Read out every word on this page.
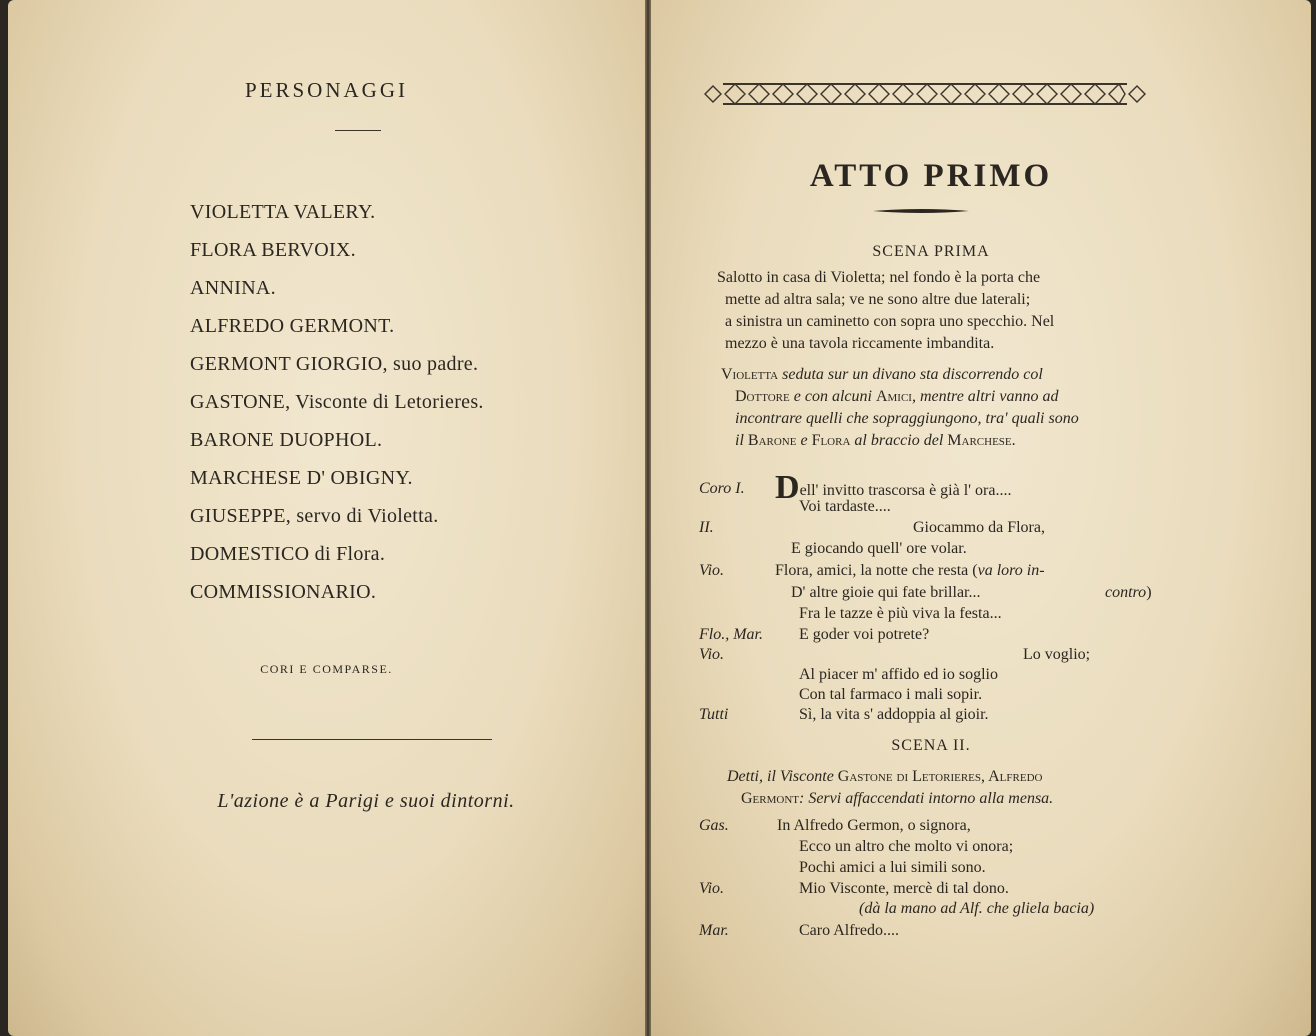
PERSONAGGI
VIOLETTA VALERY.
FLORA BERVOIX.
ANNINA.
ALFREDO GERMONT.
GERMONT GIORGIO, suo padre.
GASTONE, Visconte di Letorieres.
BARONE DUOPHOL.
MARCHESE D' OBIGNY.
GIUSEPPE, servo di Violetta.
DOMESTICO di Flora.
COMMISSIONARIO.
CORI E COMPARSE.
L'azione è a Parigi e suoi dintorni.
ATTO PRIMO
SCENA PRIMA
Salotto in casa di Violetta; nel fondo è la porta che
mette ad altra sala; ve ne sono altre due laterali;
a sinistra un caminetto con sopra uno specchio. Nel
mezzo è una tavola riccamente imbandita.
Violetta seduta sur un divano sta discorrendo col
Dottore e con alcuni Amici, mentre altri vanno ad
incontrare quelli che sopraggiungono, tra' quali sono
il Barone e Flora al braccio del Marchese.
Coro I. Dell' invitto trascorsa è già l' ora....
Voi tardaste....
II.	Giocammo da Flora,
E giocando quell' ore volar.
Vio.	Flora, amici, la notte che resta (va loro in-
D' altre gioie qui fate brillar...	contro)
Fra le tazze è più viva la festa...
Flo., Mar. E goder voi potrete?
Vio.	Lo voglio;
Al piacer m' affido ed io soglio
Con tal farmaco i mali sopir.
Tutti	Sì, la vita s' addoppia al gioir.
SCENA II.
Detti, il Visconte Gastone di Letorieres, Alfredo
Germont: Servi affaccendati intorno alla mensa.
Gas.	In Alfredo Germon, o signora,
Ecco un altro che molto vi onora;
Pochi amici a lui simili sono.
Vio.	Mio Visconte, mercè di tal dono.
(dà la mano ad Alf. che gliela bacia)
Mar.	Caro Alfredo....
